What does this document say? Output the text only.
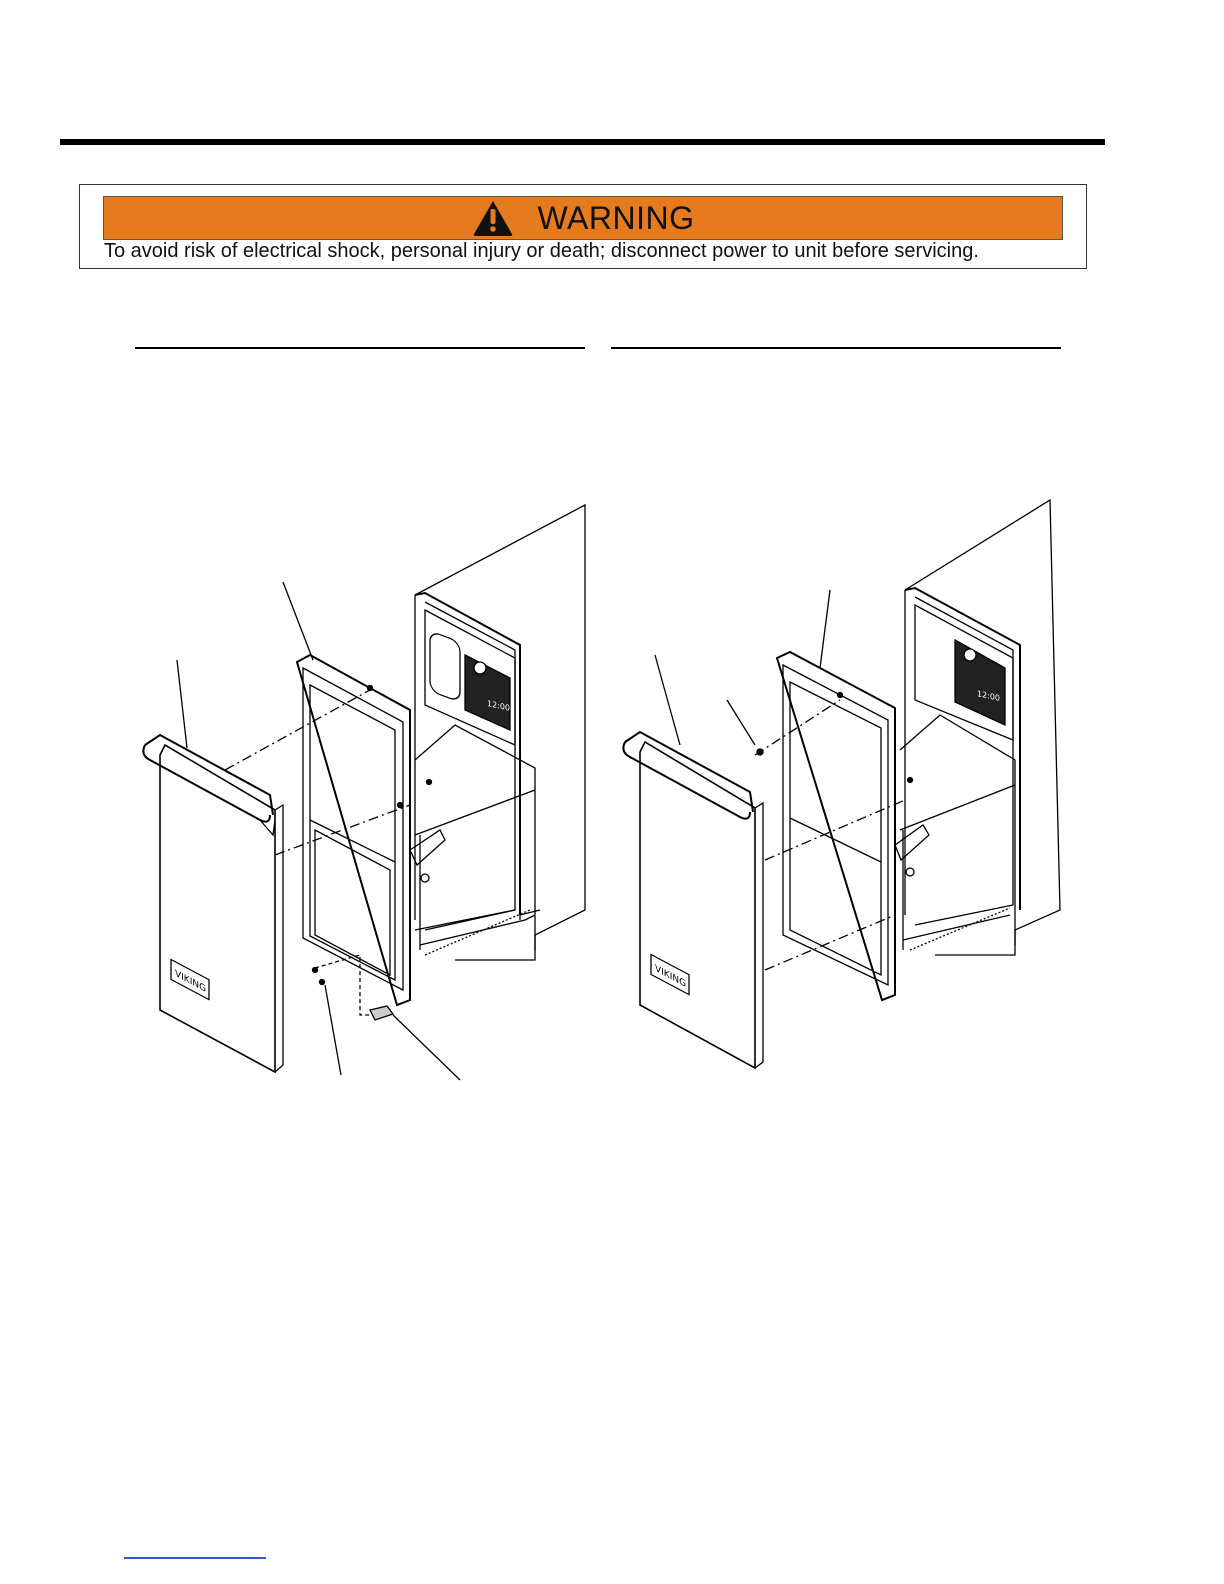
WARNING
To avoid risk of electrical shock, personal injury or death; disconnect power to unit before servicing.
12:00
VIKING
12:00
VIKING
